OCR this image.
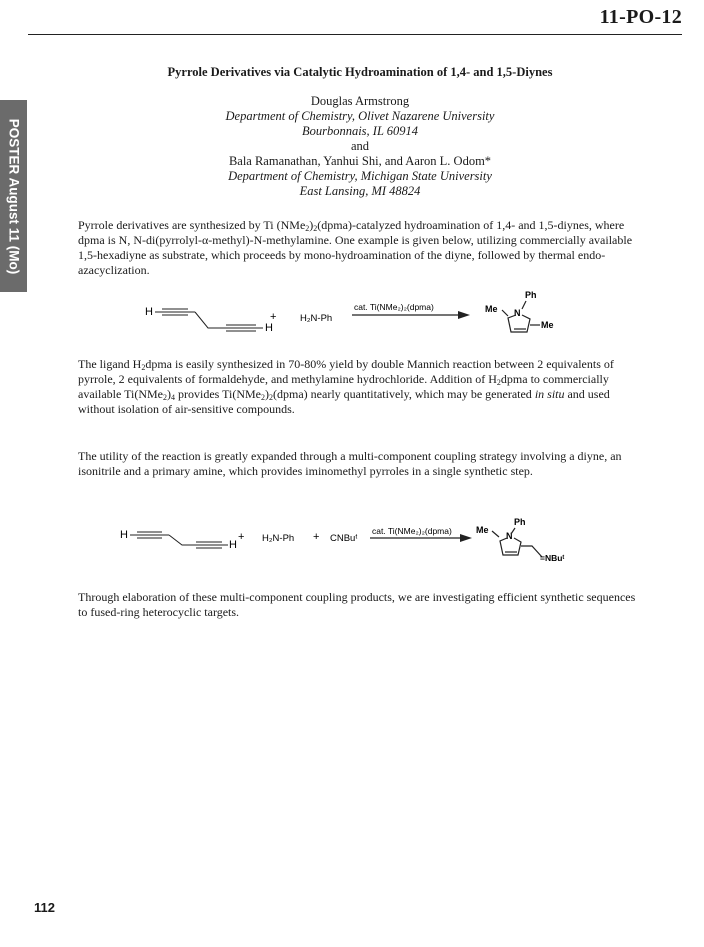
11-PO-12
POSTER August 11 (Mo)
Pyrrole Derivatives via Catalytic Hydroamination of 1,4- and 1,5-Diynes
Douglas Armstrong
Department of Chemistry, Olivet Nazarene University
Bourbonnais, IL 60914
and
Bala Ramanathan, Yanhui Shi, and Aaron L. Odom*
Department of Chemistry, Michigan State University
East Lansing, MI 48824
Pyrrole derivatives are synthesized by Ti $(NMe_2)_2(dpma)$-catalyzed hydroamination of 1,4- and 1,5-diynes, where dpma is N, N-di(pyrrolyl-α-methyl)-N-methylamine. One example is given below, utilizing commercially available 1,5-hexadiyne as substrate, which proceeds by mono-hydroamination of the diyne, followed by thermal endo-azacyclization.
H
H
+ H₂N-Ph
cat. Ti(NMe₂)₂(dpma)	Me
Ph
N
Me
The ligand $H_2dpma$ is easily synthesized in 70-80% yield by double Mannich reaction between 2 equivalents of pyrrole, 2 equivalents of formaldehyde, and methylamine hydrochloride. Addition of $H_2dpma$ to commercially available $Ti(NMe_2)_4$ provides $Ti(NMe_2)_2(dpma)$ nearly quantitatively, which may be generated in situ and used without isolation of air-sensitive compounds.
The utility of the reaction is greatly expanded through a multi-component coupling strategy involving a diyne, an isonitrile and a primary amine, which provides iminomethyl pyrroles in a single synthetic step.
H
H
+ H₂N-Ph + CNBuᵗ
cat. Ti(NMe₂)₂(dpma)	Me
Ph
N
=NBuᵗ
Through elaboration of these multi-component coupling products, we are investigating efficient synthetic sequences to fused-ring heterocyclic targets.
112
